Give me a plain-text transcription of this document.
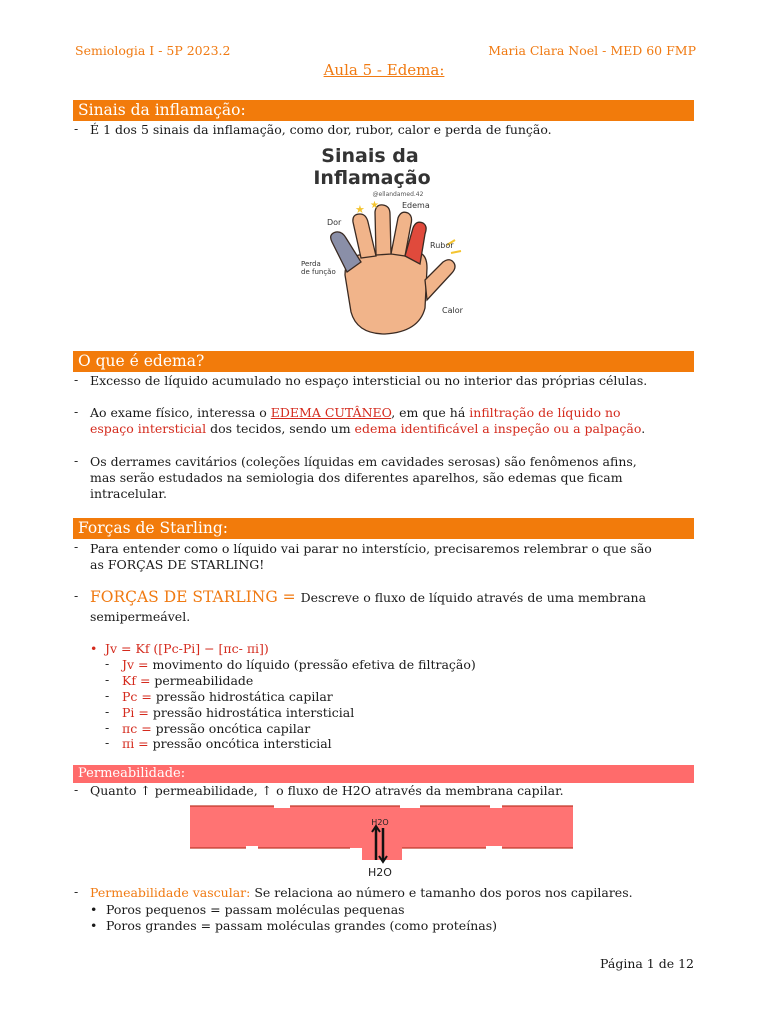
Semiologia I - 5P 2023.2	Maria Clara Noel - MED 60 FMP
Aula 5 - Edema:
Sinais da inflamação:
- É 1 dos 5 sinais da inflamação, como dor, rubor, calor e perda de função.
Sinais da
Inflamação
@ellandamed.42
★ ★	Edema
Dor
Rubor
Perda
de função
Calor
O que é edema?
- Excesso de líquido acumulado no espaço intersticial ou no interior das próprias células.
- Ao exame físico, interessa o EDEMA CUTÂNEO, em que há infiltração de líquido no
espaço intersticial dos tecidos, sendo um edema identificável a inspeção ou a palpação.
- Os derrames cavitários (coleções líquidas em cavidades serosas) são fenômenos afins,
mas serão estudados na semiologia dos diferentes aparelhos, são edemas que ficam
intracelular.
Forças de Starling:
- Para entender como o líquido vai parar no interstício, precisaremos relembrar o que são
as FORÇAS DE STARLING!
- FORÇAS DE STARLING = Descreve o fluxo de líquido através de uma membrana
semipermeável.
• Jv = Kf ([Pc-Pi] − [πc- πi])
- Jv = movimento do líquido (pressão efetiva de filtração)
- Kf = permeabilidade
- Pc = pressão hidrostática capilar
- Pi = pressão hidrostática intersticial
- πc = pressão oncótica capilar
- πi = pressão oncótica intersticial
Permeabilidade:
- Quanto ↑ permeabilidade, ↑ o fluxo de H2O através da membrana capilar.
H2O
H2O
- Permeabilidade vascular: Se relaciona ao número e tamanho dos poros nos capilares.
• Poros pequenos = passam moléculas pequenas
• Poros grandes = passam moléculas grandes (como proteínas)
Página 1 de 12
